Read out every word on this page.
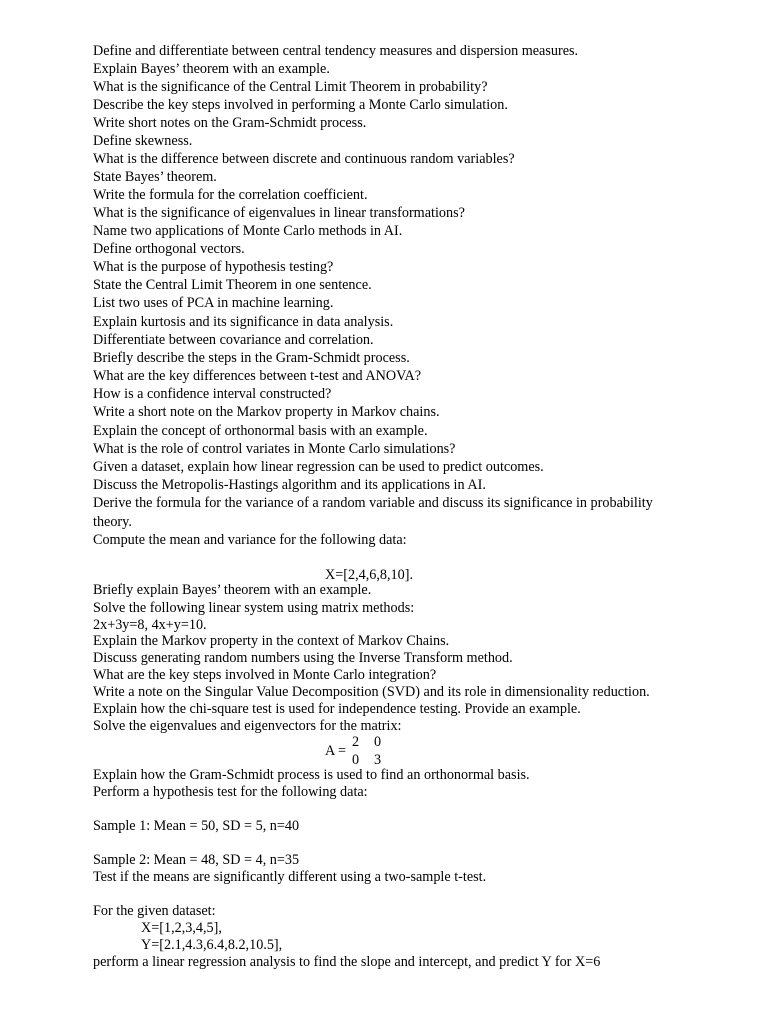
Define and differentiate between central tendency measures and dispersion measures.
Explain Bayes’ theorem with an example.
What is the significance of the Central Limit Theorem in probability?
Describe the key steps involved in performing a Monte Carlo simulation.
Write short notes on the Gram-Schmidt process.
Define skewness.
What is the difference between discrete and continuous random variables?
State Bayes’ theorem.
Write the formula for the correlation coefficient.
What is the significance of eigenvalues in linear transformations?
Name two applications of Monte Carlo methods in AI.
Define orthogonal vectors.
What is the purpose of hypothesis testing?
State the Central Limit Theorem in one sentence.
List two uses of PCA in machine learning.
Explain kurtosis and its significance in data analysis.
Differentiate between covariance and correlation.
Briefly describe the steps in the Gram-Schmidt process.
What are the key differences between t-test and ANOVA?
How is a confidence interval constructed?
Write a short note on the Markov property in Markov chains.
Explain the concept of orthonormal basis with an example.
What is the role of control variates in Monte Carlo simulations?
Given a dataset, explain how linear regression can be used to predict outcomes.
Discuss the Metropolis-Hastings algorithm and its applications in AI.
Derive the formula for the variance of a random variable and discuss its significance in probability
Compute the mean and variance for the following data:
Briefly explain Bayes’ theorem with an example.
Solve the following linear system using matrix methods:
Explain the Markov property in the context of Markov Chains.
Discuss generating random numbers using the Inverse Transform method.
What are the key steps involved in Monte Carlo integration?
Write a note on the Singular Value Decomposition (SVD) and its role in dimensionality reduction.
Explain how the chi-square test is used for independence testing. Provide an example.
Solve the eigenvalues and eigenvectors for the matrix:
Explain how the Gram-Schmidt process is used to find an orthonormal basis.
Perform a hypothesis test for the following data:
For the given dataset:
theory.
X=[2,4,6,8,10].
2x+3y=8, 4x+y=10.
A =
2 0
0 3
Sample 1: Mean = 50, SD = 5, n=40
Sample 2: Mean = 48, SD = 4, n=35
Test if the means are significantly different using a two-sample t-test.
X=[1,2,3,4,5],
Y=[2.1,4.3,6.4,8.2,10.5],
perform a linear regression analysis to find the slope and intercept, and predict Y for X=6
